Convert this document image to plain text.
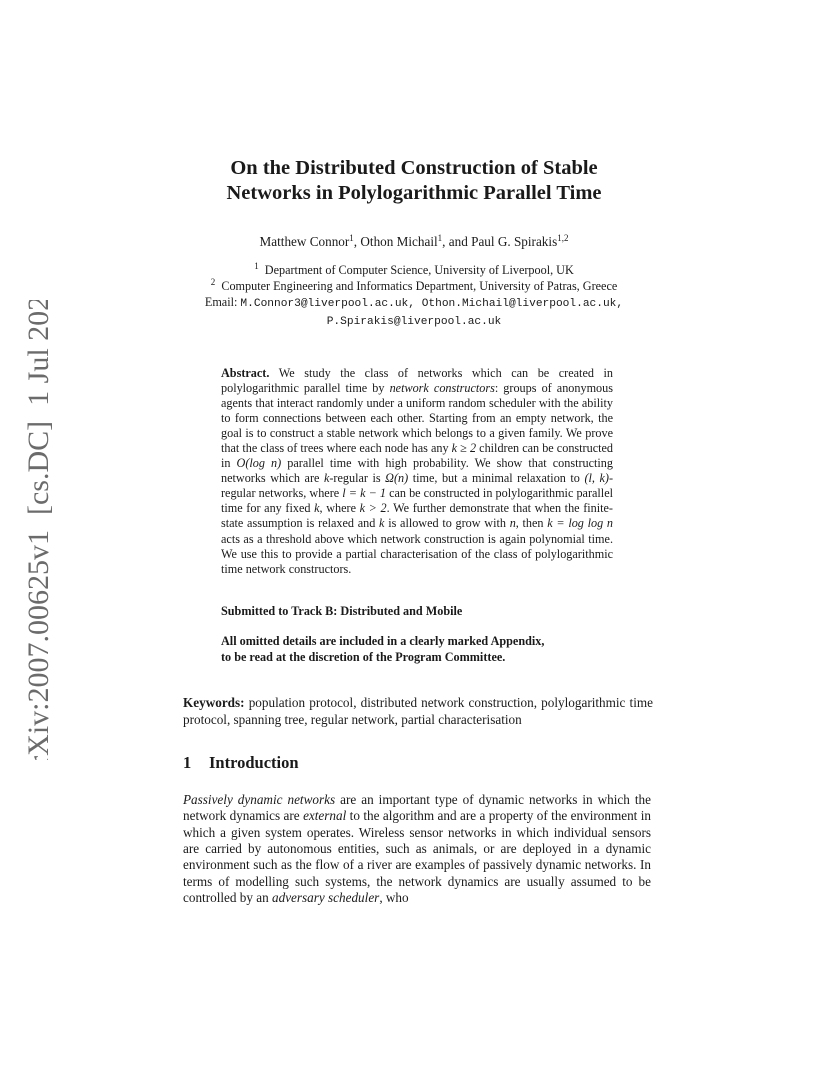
arXiv:2007.00625v1  [cs.DC]  1 Jul 2020
On the Distributed Construction of Stable
Networks in Polylogarithmic Parallel Time
Matthew Connor$^1$, Othon Michail$^1$, and Paul G. Spirakis$^{1,2}$
$^1$ Department of Computer Science, University of Liverpool, UK
$^2$ Computer Engineering and Informatics Department, University of Patras, Greece
Email: M.Connor3@liverpool.ac.uk, Othon.Michail@liverpool.ac.uk,
P.Spirakis@liverpool.ac.uk
Abstract. We study the class of networks which can be created in polylogarithmic parallel time by network constructors: groups of anonymous agents that interact randomly under a uniform random scheduler with the ability to form connections between each other. Starting from an empty network, the goal is to construct a stable network which belongs to a given family. We prove that the class of trees where each node has any k ≥ 2 children can be constructed in O(log n) parallel time with high probability. We show that constructing networks which are k-regular is Ω(n) time, but a minimal relaxation to (l, k)-regular networks, where l = k − 1 can be constructed in polylogarithmic parallel time for any fixed k, where k > 2. We further demonstrate that when the finite-state assumption is relaxed and k is allowed to grow with n, then k = log log n acts as a threshold above which network construction is again polynomial time. We use this to provide a partial characterisation of the class of polylogarithmic time network constructors.
Submitted to Track B: Distributed and Mobile
All omitted details are included in a clearly marked Appendix,
to be read at the discretion of the Program Committee.
Keywords: population protocol, distributed network construction, polylogarithmic time protocol, spanning tree, regular network, partial characterisation
1 Introduction
Passively dynamic networks are an important type of dynamic networks in which the network dynamics are external to the algorithm and are a property of the environment in which a given system operates. Wireless sensor networks in which individual sensors are carried by autonomous entities, such as animals, or are deployed in a dynamic environment such as the flow of a river are examples of passively dynamic networks. In terms of modelling such systems, the network dynamics are usually assumed to be controlled by an adversary scheduler, who
